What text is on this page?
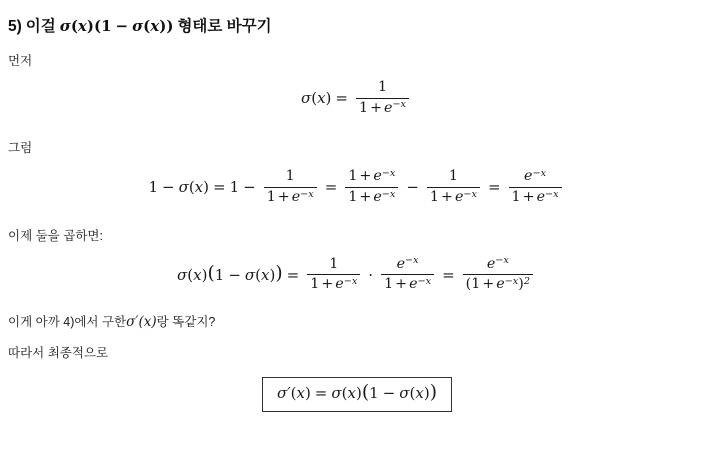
5) 이걸 σ ( x ) ( 1 − σ ( x ) ) 형태로 바꾸기

먼저

σ ( x ) = $\frac{1}{1 + e^{-x}}$

그럼

1 − σ ( x ) = $1 - \frac{1}{1 + e^{-x}} = \frac{1 + e^{-x}}{1 + e^{-x}} - \frac{1}{1 + e^{-x}} = \frac{e^{-x}}{1 + e^{-x}}$

이제 둘을 곱하면:

σ ( x ) ( 1 − σ ( x ) ) = $\frac{1}{1 + e^{-x}} \cdot \frac{e^{-x}}{1 + e^{-x}} = \frac{e^{-x}}{(1 + e^{-x})^2}$

이게 아까 4)에서 구한σ′(x)랑 똑같지?

따라서 최종적으로

σ ′ ( x ) = σ ( x ) ( 1 − σ ( x ) )
